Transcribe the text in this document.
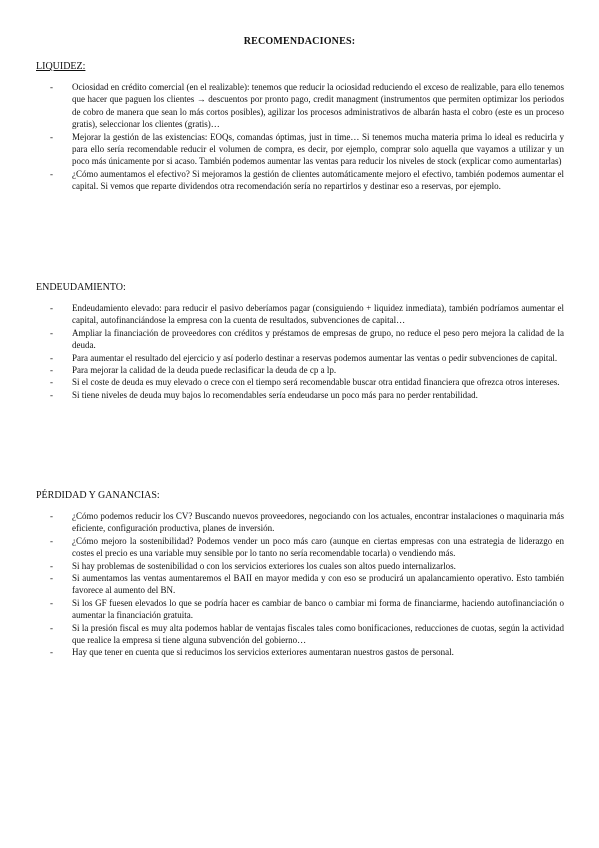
RECOMENDACIONES:
LIQUIDEZ:
- Ociosidad en crédito comercial (en el realizable): tenemos que reducir la ociosidad reduciendo el exceso de realizable, para ello tenemos que hacer que paguen los clientes → descuentos por pronto pago, credit managment (instrumentos que permiten optimizar los periodos de cobro de manera que sean lo más cortos posibles), agilizar los procesos administrativos de albarán hasta el cobro (este es un proceso gratis), seleccionar los clientes (gratis)…
- Mejorar la gestión de las existencias: EOQs, comandas óptimas, just in time… Si tenemos mucha materia prima lo ideal es reducirla y para ello sería recomendable reducir el volumen de compra, es decir, por ejemplo, comprar solo aquella que vayamos a utilizar y un poco más únicamente por si acaso. También podemos aumentar las ventas para reducir los niveles de stock (explicar como aumentarlas)
- ¿Cómo aumentamos el efectivo? Si mejoramos la gestión de clientes automáticamente mejoro el efectivo, también podemos aumentar el capital. Si vemos que reparte dividendos otra recomendación sería no repartirlos y destinar eso a reservas, por ejemplo.
ENDEUDAMIENTO:
- Endeudamiento elevado: para reducir el pasivo deberíamos pagar (consiguiendo + liquidez inmediata), también podríamos aumentar el capital, autofinanciándose la empresa con la cuenta de resultados, subvenciones de capital…
- Ampliar la financiación de proveedores con créditos y préstamos de empresas de grupo, no reduce el peso pero mejora la calidad de la deuda.
- Para aumentar el resultado del ejercicio y así poderlo destinar a reservas podemos aumentar las ventas o pedir subvenciones de capital.
- Para mejorar la calidad de la deuda puede reclasificar la deuda de cp a lp.
- Si el coste de deuda es muy elevado o crece con el tiempo será recomendable buscar otra entidad financiera que ofrezca otros intereses.
- Si tiene niveles de deuda muy bajos lo recomendables sería endeudarse un poco más para no perder rentabilidad.
PÉRDIDAD Y GANANCIAS:
- ¿Cómo podemos reducir los CV? Buscando nuevos proveedores, negociando con los actuales, encontrar instalaciones o maquinaria más eficiente, configuración productiva, planes de inversión.
- ¿Cómo mejoro la sostenibilidad? Podemos vender un poco más caro (aunque en ciertas empresas con una estrategia de liderazgo en costes el precio es una variable muy sensible por lo tanto no sería recomendable tocarla) o vendiendo más.
- Si hay problemas de sostenibilidad o con los servicios exteriores los cuales son altos puedo internalizarlos.
- Si aumentamos las ventas aumentaremos el BAII en mayor medida y con eso se producirá un apalancamiento operativo. Esto también favorece al aumento del BN.
- Si los GF fuesen elevados lo que se podría hacer es cambiar de banco o cambiar mi forma de financiarme, haciendo autofinanciación o aumentar la financiación gratuita.
- Si la presión fiscal es muy alta podemos hablar de ventajas fiscales tales como bonificaciones, reducciones de cuotas, según la actividad que realice la empresa si tiene alguna subvención del gobierno…
- Hay que tener en cuenta que si reducimos los servicios exteriores aumentaran nuestros gastos de personal.
